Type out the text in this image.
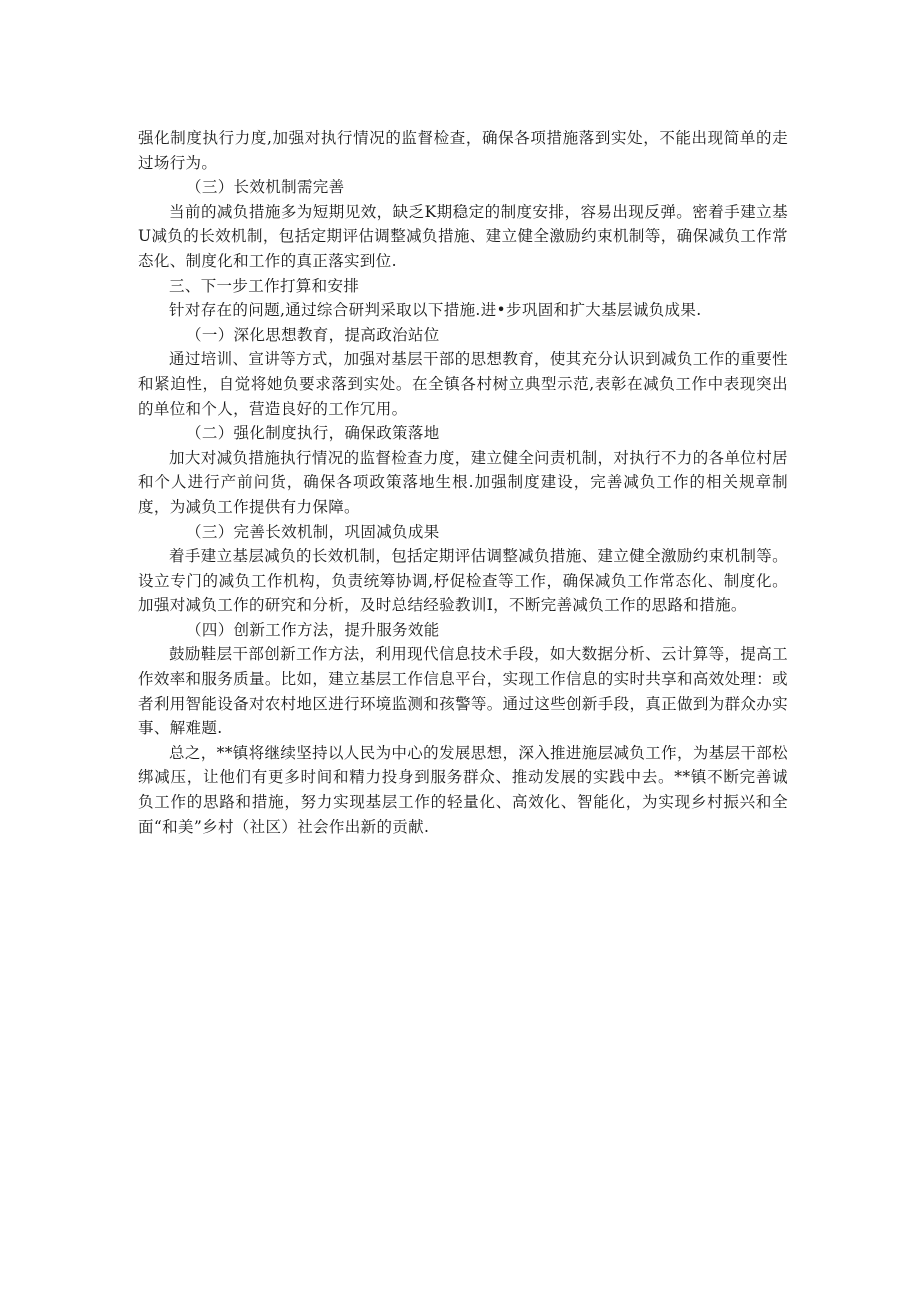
强化制度执行力度,加强对执行情况的监督检查，确保各项措施落到实处，不能出现简单的走过场行为。

（三）长效机制需完善

当前的减负措施多为短期见效，缺乏K期稳定的制度安排，容易出现反弹。密着手建立基U减负的长效机制，包括定期评估调整减负措施、建立健全激励约束机制等，确保减负工作常态化、制度化和工作的真正落实到位.

三、下一步工作打算和安排

针对存在的问题,通过综合研判采取以下措施.进•步巩固和扩大基层诚负成果.

（一）深化思想教育，提高政治站位

通过培训、宣讲等方式，加强对基层干部的思想教育，使其充分认识到减负工作的重要性和紧迫性，自觉将她负要求落到实处。在全镇各村树立典型示范,表彰在减负工作中表现突出的单位和个人，营造良好的工作冗用。

（二）强化制度执行，确保政策落地

加大对减负措施执行情况的监督检查力度，建立健全问责机制，对执行不力的各单位村居和个人进行产前问货，确保各项政策落地生根.加强制度建设，完善减负工作的相关规章制度，为减负工作提供有力保障。

（三）完善长效机制，巩固减负成果

着手建立基层减负的长效机制，包括定期评估调整减负措施、建立健全激励约束机制等。设立专门的减负工作机构，负责统筹协调,杼促检查等工作，确保减负工作常态化、制度化。加强对减负工作的研究和分析，及时总结经验教训I，不断完善减负工作的思路和措施。

（四）创新工作方法，提升服务效能

鼓励鞋层干部创新工作方法，利用现代信息技术手段，如大数据分析、云计算等，提高工作效率和服务质量。比如，建立基层工作信息平台，实现工作信息的实时共享和高效处理：或者利用智能设备对农村地区进行环境监测和孩警等。通过这些创新手段，真正做到为群众办实事、解难题.

总之，**镇将继续坚持以人民为中心的发展思想，深入推进施层减负工作，为基层干部松绑减压，让他们有更多时间和精力投身到服务群众、推动发展的实践中去。**镇不断完善诚负工作的思路和措施，努力实现基层工作的轻量化、高效化、智能化，为实现乡村振兴和全面“和美”乡村（社区）社会作出新的贡献.
